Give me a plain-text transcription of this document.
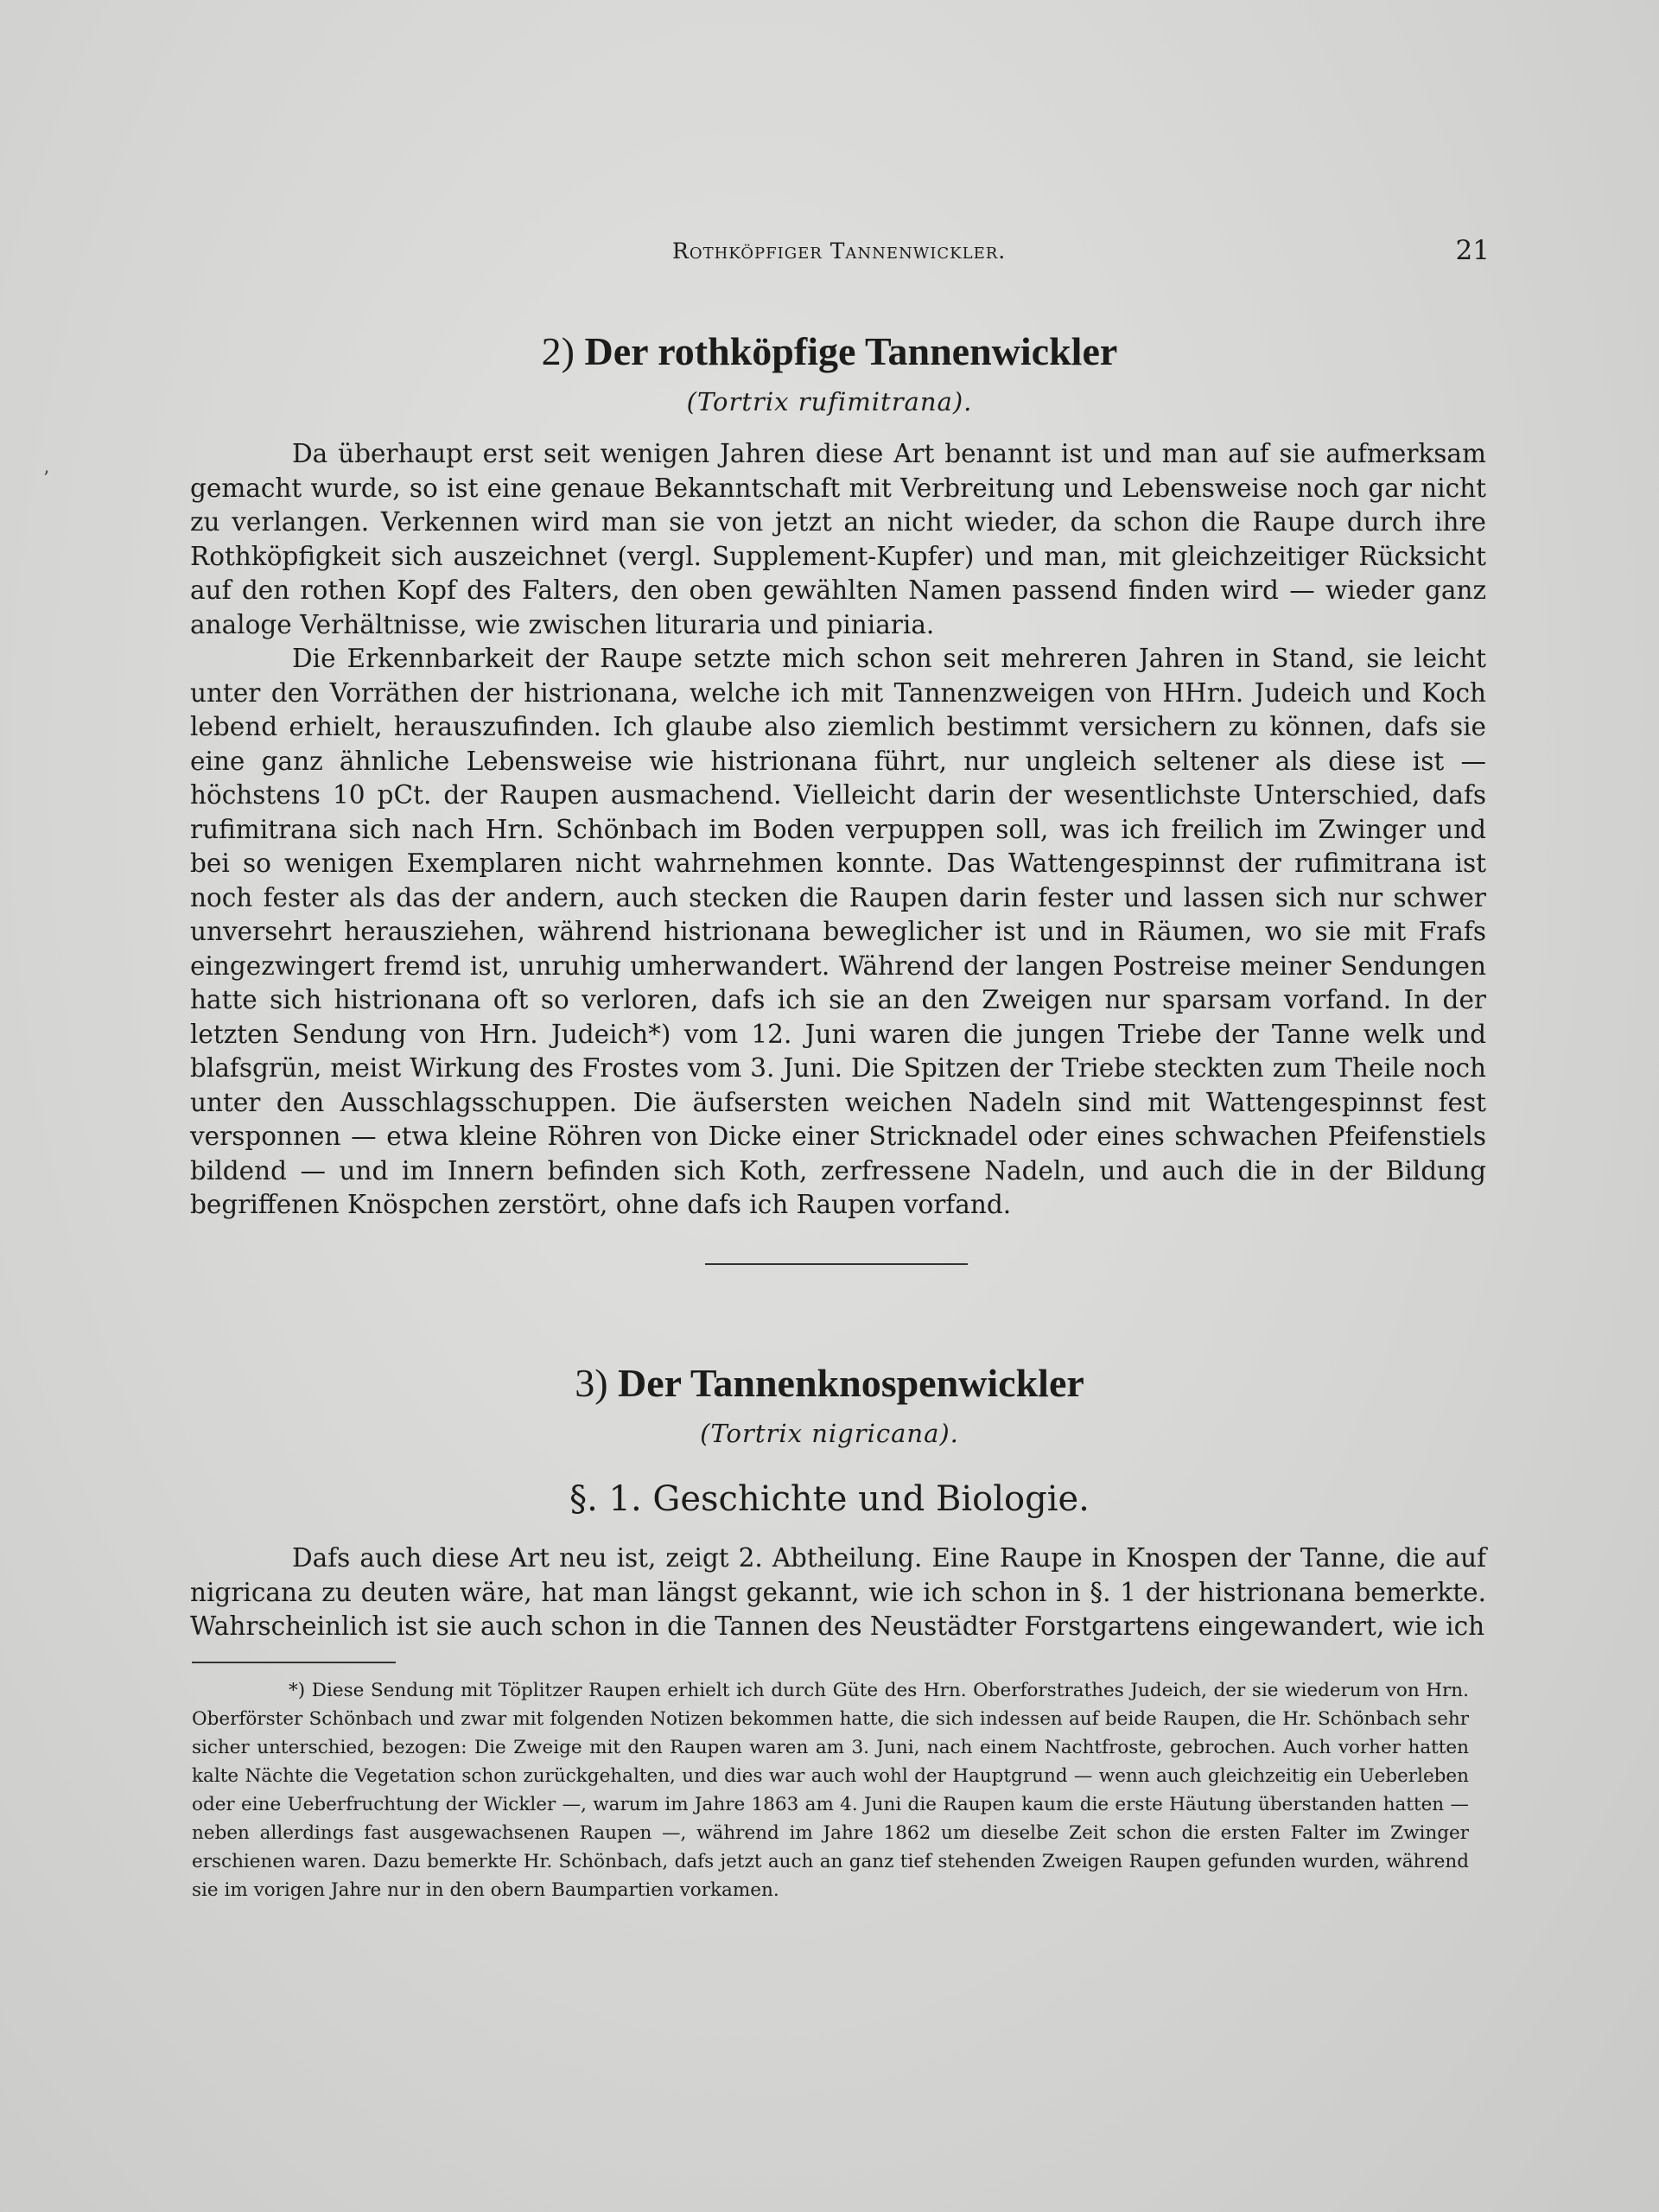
’
Rothköpfiger Tannenwickler.	21
2) Der rothköpfige Tannenwickler
(Tortrix rufimitrana).

Da überhaupt erst seit wenigen Jahren diese Art benannt ist und man auf sie aufmerksam gemacht wurde, so ist eine genaue Bekanntschaft mit Verbreitung und Lebensweise noch gar nicht zu verlangen. Verkennen wird man sie von jetzt an nicht wieder, da schon die Raupe durch ihre Rothköpfigkeit sich auszeichnet (vergl. Supplement-Kupfer) und man, mit gleichzeitiger Rücksicht auf den rothen Kopf des Falters, den oben gewählten Namen passend finden wird — wieder ganz analoge Verhältnisse, wie zwischen lituraria und piniaria.

Die Erkennbarkeit der Raupe setzte mich schon seit mehreren Jahren in Stand, sie leicht unter den Vorräthen der histrionana, welche ich mit Tannenzweigen von HHrn. Judeich und Koch lebend erhielt, herauszufinden. Ich glaube also ziemlich bestimmt versichern zu können, dafs sie eine ganz ähnliche Lebensweise wie histrionana führt, nur ungleich seltener als diese ist — höchstens 10 pCt. der Raupen ausmachend. Vielleicht darin der wesentlichste Unterschied, dafs rufimitrana sich nach Hrn. Schönbach im Boden verpuppen soll, was ich freilich im Zwinger und bei so wenigen Exemplaren nicht wahrnehmen konnte. Das Wattengespinnst der rufimitrana ist noch fester als das der andern, auch stecken die Raupen darin fester und lassen sich nur schwer unversehrt herausziehen, während histrionana beweglicher ist und in Räumen, wo sie mit Frafs eingezwingert fremd ist, unruhig umherwandert. Während der langen Postreise meiner Sendungen hatte sich histrionana oft so verloren, dafs ich sie an den Zweigen nur sparsam vorfand. In der letzten Sendung von Hrn. Judeich*) vom 12. Juni waren die jungen Triebe der Tanne welk und blafsgrün, meist Wirkung des Frostes vom 3. Juni. Die Spitzen der Triebe steckten zum Theile noch unter den Ausschlagsschuppen. Die äufsersten weichen Nadeln sind mit Wattengespinnst fest versponnen — etwa kleine Röhren von Dicke einer Stricknadel oder eines schwachen Pfeifenstiels bildend — und im Innern befinden sich Koth, zerfressene Nadeln, und auch die in der Bildung begriffenen Knöspchen zerstört, ohne dafs ich Raupen vorfand.

3) Der Tannenknospenwickler
(Tortrix nigricana).
§. 1. Geschichte und Biologie.

Dafs auch diese Art neu ist, zeigt 2. Abtheilung. Eine Raupe in Knospen der Tanne, die auf nigricana zu deuten wäre, hat man längst gekannt, wie ich schon in §. 1 der histrionana bemerkte. Wahrscheinlich ist sie auch schon in die Tannen des Neustädter Forstgartens eingewandert, wie ich

*) Diese Sendung mit Töplitzer Raupen erhielt ich durch Güte des Hrn. Oberforstrathes Judeich, der sie wiederum von Hrn. Oberförster Schönbach und zwar mit folgenden Notizen bekommen hatte, die sich indessen auf beide Raupen, die Hr. Schönbach sehr sicher unterschied, bezogen: Die Zweige mit den Raupen waren am 3. Juni, nach einem Nachtfroste, gebrochen. Auch vorher hatten kalte Nächte die Vegetation schon zurückgehalten, und dies war auch wohl der Hauptgrund — wenn auch gleichzeitig ein Ueberleben oder eine Ueberfruchtung der Wickler —, warum im Jahre 1863 am 4. Juni die Raupen kaum die erste Häutung überstanden hatten — neben allerdings fast ausgewachsenen Raupen —, während im Jahre 1862 um dieselbe Zeit schon die ersten Falter im Zwinger erschienen waren. Dazu bemerkte Hr. Schönbach, dafs jetzt auch an ganz tief stehenden Zweigen Raupen gefunden wurden, während sie im vorigen Jahre nur in den obern Baumpartien vorkamen.
